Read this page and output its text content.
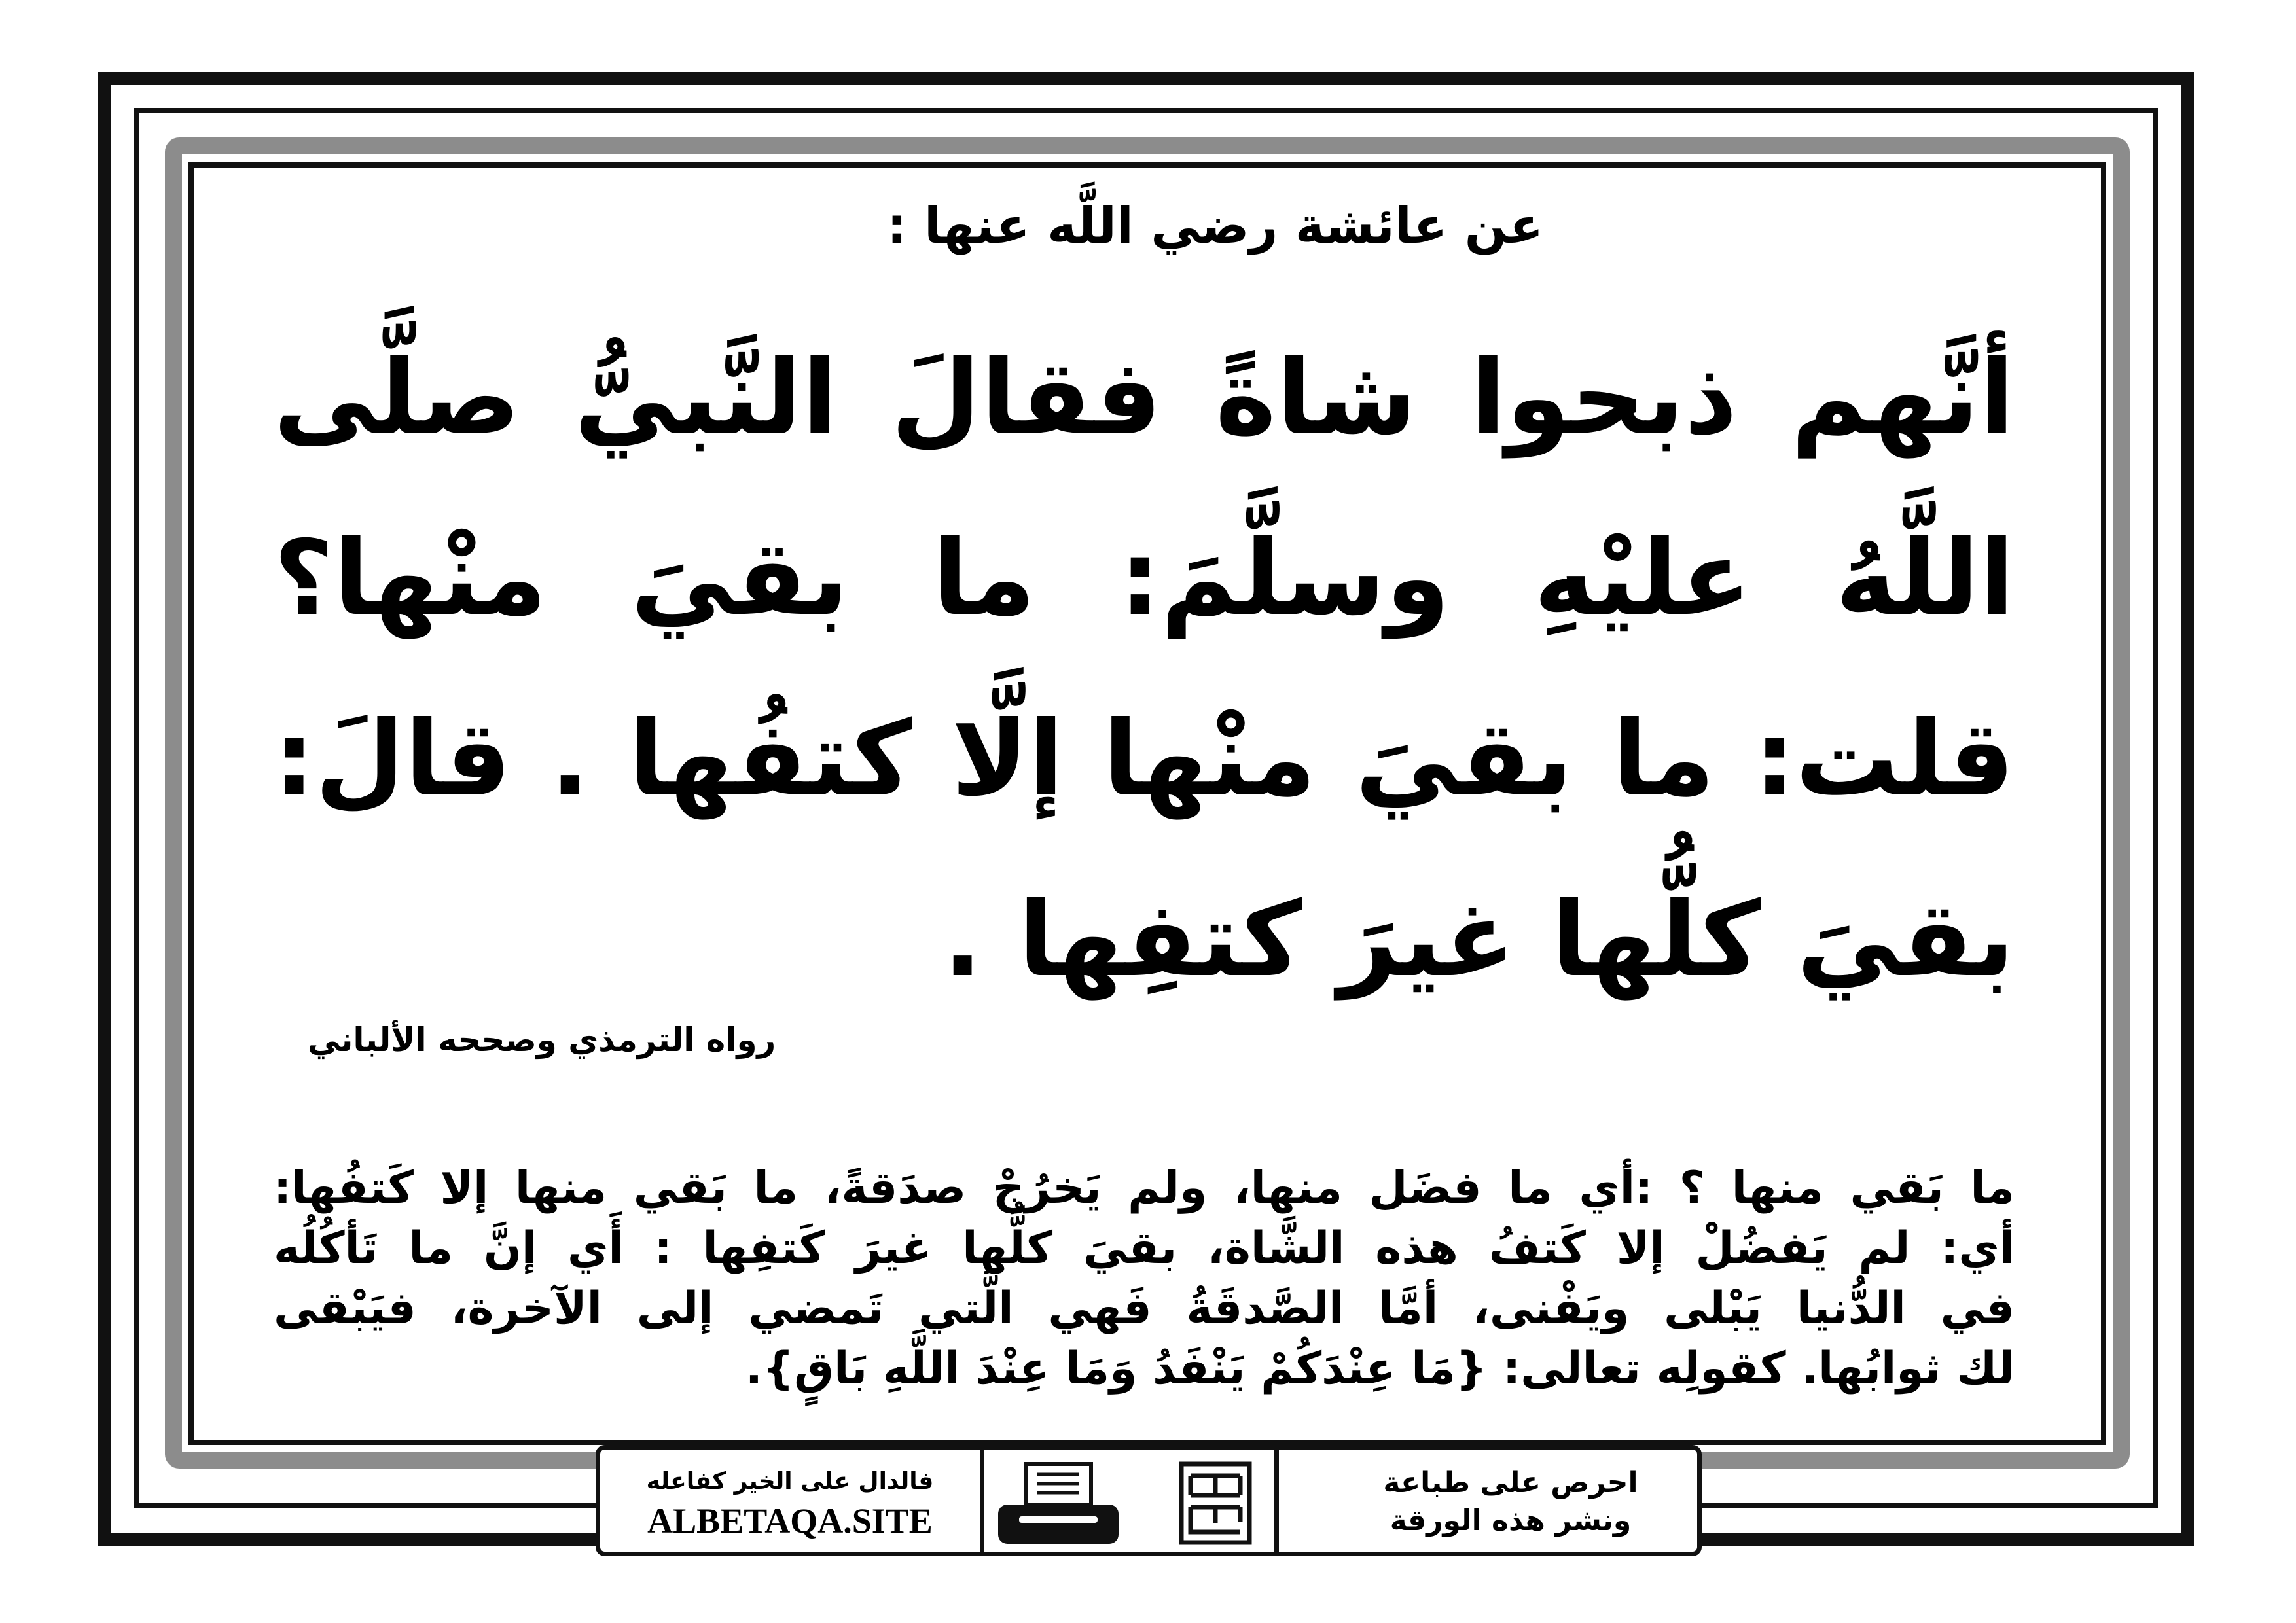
عن عائشة رضي اللَّه عنها :
أنَّهم ذبحوا شاةً فقالَ النَّبيُّ صلَّى
اللَّهُ عليْهِ وسلَّمَ: ما بقيَ منْها؟
قلت: ما بقيَ منْها إلَّا كتفُها . قالَ:
بقيَ كلُّها غيرَ كتفِها .
رواه الترمذي وصححه الألباني
ما بَقي منها ؟ :أي ما فضَل منها، ولم يَخرُجْ صدَقةً، ما بَقي منها إلا كَتفُها:
أي: لم يَفضُلْ إلا كَتفُ هذه الشَّاة، بقيَ كلُّها غيرَ كَتفِها : أَي إنَّ ما تَأكُلُه
في الدُّنيا يَبْلى ويَفْنى، أمَّا الصَّدقَةُ فَهي الَّتي تَمضي إلى الآخرة، فيَبْقى
لك ثوابُها. كقولِه تعالى: {مَا عِنْدَكُمْ يَنْفَدُ وَمَا عِنْدَ اللَّهِ بَاقٍ}.
احرص على طباعة
ونشر هذه الورقة
فالدال على الخير كفاعله
ALBETAQA.SITE
